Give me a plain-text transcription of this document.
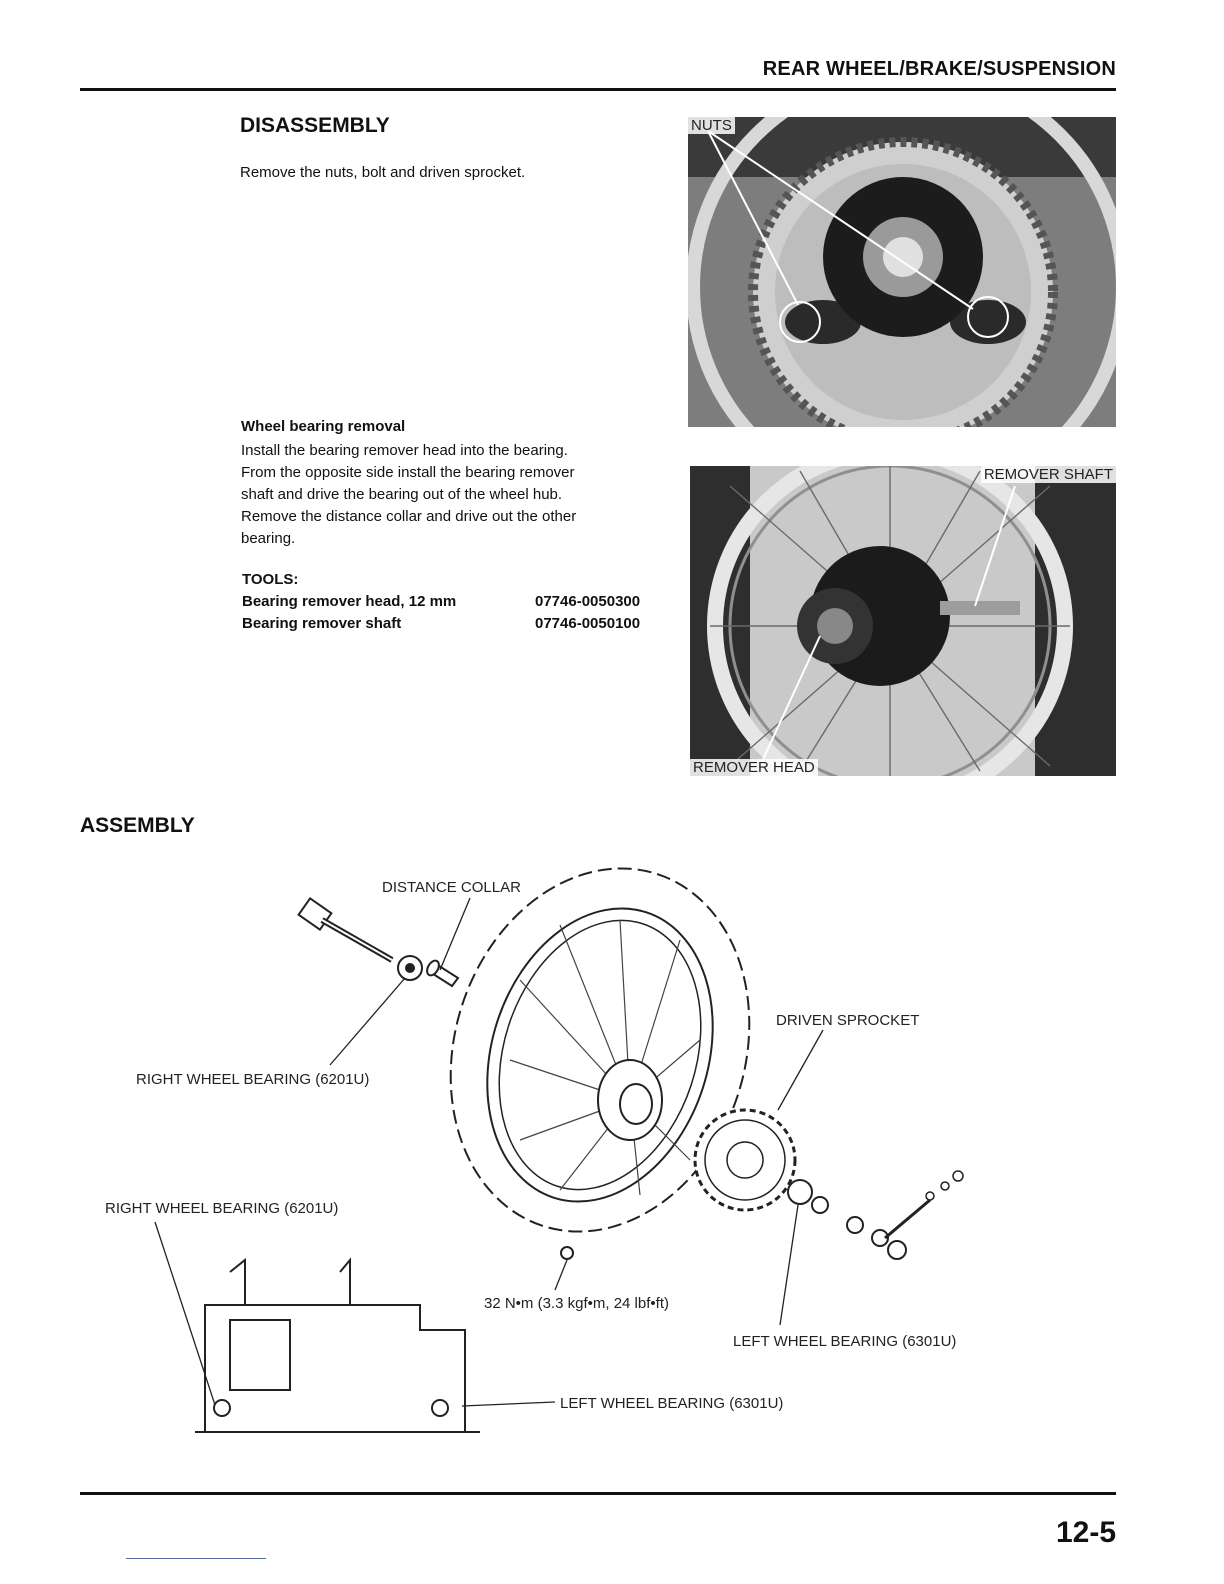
REAR WHEEL/BRAKE/SUSPENSION
DISASSEMBLY
Remove the nuts, bolt and driven sprocket.
Wheel bearing removal
Install the bearing remover head into the bearing.
From the opposite side install the bearing remover
shaft and drive the bearing out of the wheel hub.
Remove the distance collar and drive out the other
bearing.
TOOLS:
Bearing remover head, 12 mm	07746-0050300
Bearing remover shaft	07746-0050100
NUTS
REMOVER SHAFT
REMOVER HEAD
ASSEMBLY
DISTANCE COLLAR
RIGHT WHEEL BEARING (6201U)
DRIVEN SPROCKET
RIGHT WHEEL BEARING (6201U)
32 N•m (3.3 kgf•m, 24 lbf•ft)
LEFT WHEEL BEARING (6301U)
LEFT WHEEL BEARING (6301U)
12-5
